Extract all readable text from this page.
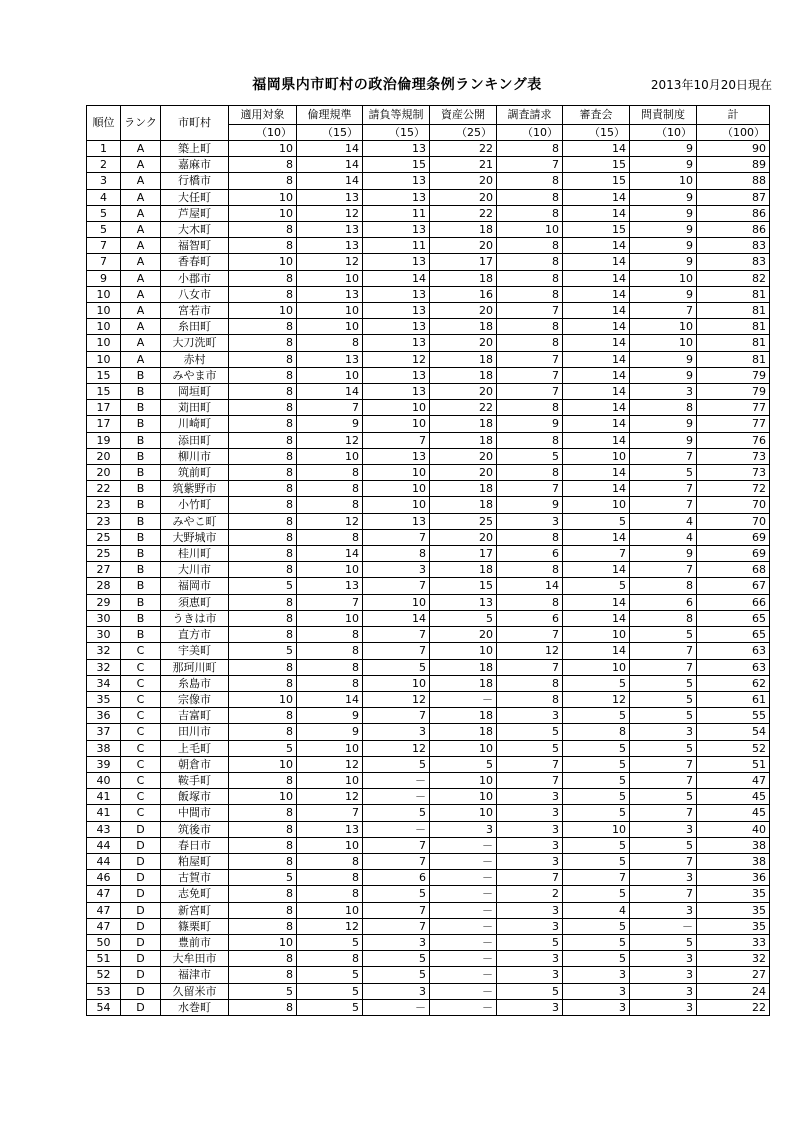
福岡県内市町村の政治倫理条例ランキング表	2013年10月20日現在
順位	ランク	市町村	適用対象	倫理規準	請負等規制	資産公開	調査請求	審査会	問責制度	計
			（10）	（15）	（15）	（25）	（10）	（15）	（10）	（100）
1	A	築上町	10	14	13	22	8	14	9	90
2	A	嘉麻市	8	14	15	21	7	15	9	89
3	A	行橋市	8	14	13	20	8	15	10	88
4	A	大任町	10	13	13	20	8	14	9	87
5	A	芦屋町	10	12	11	22	8	14	9	86
5	A	大木町	8	13	13	18	10	15	9	86
7	A	福智町	8	13	11	20	8	14	9	83
7	A	香春町	10	12	13	17	8	14	9	83
9	A	小郡市	8	10	14	18	8	14	10	82
10	A	八女市	8	13	13	16	8	14	9	81
10	A	宮若市	10	10	13	20	7	14	7	81
10	A	糸田町	8	10	13	18	8	14	10	81
10	A	大刀洗町	8	8	13	20	8	14	10	81
10	A	赤村	8	13	12	18	7	14	9	81
15	B	みやま市	8	10	13	18	7	14	9	79
15	B	岡垣町	8	14	13	20	7	14	3	79
17	B	苅田町	8	7	10	22	8	14	8	77
17	B	川崎町	8	9	10	18	9	14	9	77
19	B	添田町	8	12	7	18	8	14	9	76
20	B	柳川市	8	10	13	20	5	10	7	73
20	B	筑前町	8	8	10	20	8	14	5	73
22	B	筑紫野市	8	8	10	18	7	14	7	72
23	B	小竹町	8	8	10	18	9	10	7	70
23	B	みやこ町	8	12	13	25	3	5	4	70
25	B	大野城市	8	8	7	20	8	14	4	69
25	B	桂川町	8	14	8	17	6	7	9	69
27	B	大川市	8	10	3	18	8	14	7	68
28	B	福岡市	5	13	7	15	14	5	8	67
29	B	須恵町	8	7	10	13	8	14	6	66
30	B	うきは市	8	10	14	5	6	14	8	65
30	B	直方市	8	8	7	20	7	10	5	65
32	C	宇美町	5	8	7	10	12	14	7	63
32	C	那珂川町	8	8	5	18	7	10	7	63
34	C	糸島市	8	8	10	18	8	5	5	62
35	C	宗像市	10	14	12	－	8	12	5	61
36	C	吉富町	8	9	7	18	3	5	5	55
37	C	田川市	8	9	3	18	5	8	3	54
38	C	上毛町	5	10	12	10	5	5	5	52
39	C	朝倉市	10	12	5	5	7	5	7	51
40	C	鞍手町	8	10	－	10	7	5	7	47
41	C	飯塚市	10	12	－	10	3	5	5	45
41	C	中間市	8	7	5	10	3	5	7	45
43	D	筑後市	8	13	－	3	3	10	3	40
44	D	春日市	8	10	7	－	3	5	5	38
44	D	粕屋町	8	8	7	－	3	5	7	38
46	D	古賀市	5	8	6	－	7	7	3	36
47	D	志免町	8	8	5	－	2	5	7	35
47	D	新宮町	8	10	7	－	3	4	3	35
47	D	篠栗町	8	12	7	－	3	5	－	35
50	D	豊前市	10	5	3	－	5	5	5	33
51	D	大牟田市	8	8	5	－	3	5	3	32
52	D	福津市	8	5	5	－	3	3	3	27
53	D	久留米市	5	5	3	－	5	3	3	24
54	D	水巻町	8	5	－	－	3	3	3	22
